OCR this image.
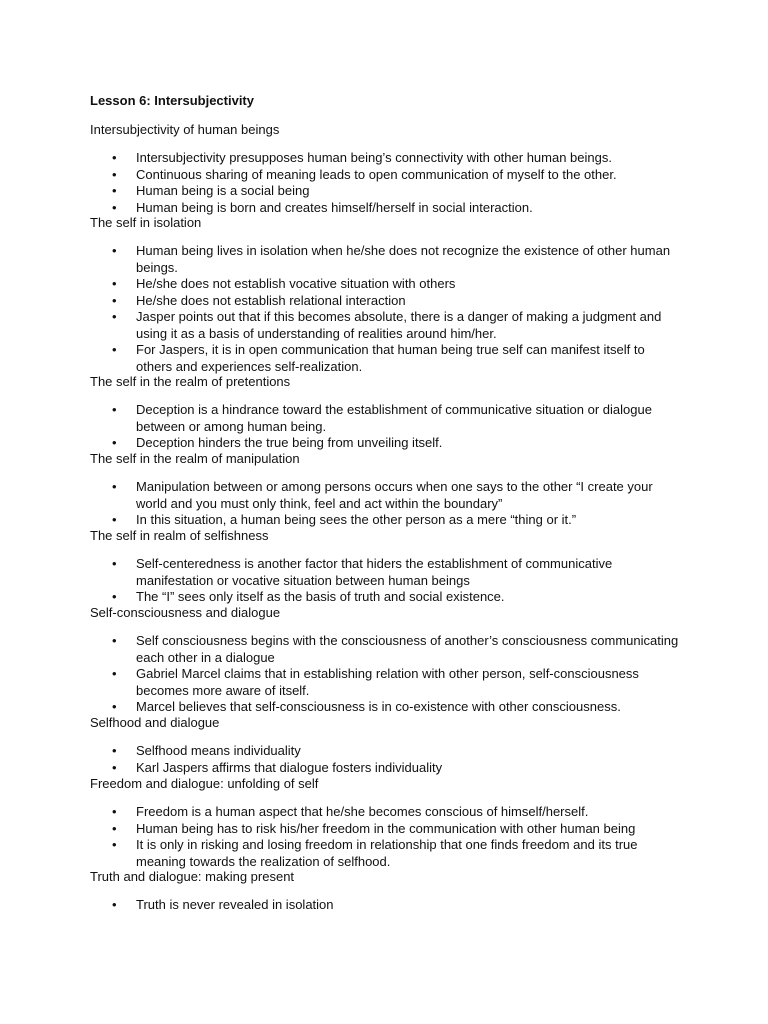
Lesson 6: Intersubjectivity

Intersubjectivity of human beings

• Intersubjectivity presupposes human being’s connectivity with other human beings.
• Continuous sharing of meaning leads to open communication of myself to the other.
• Human being is a social being
• Human being is born and creates himself/herself in social interaction.

The self in isolation

• Human being lives in isolation when he/she does not recognize the existence of other human beings.
• He/she does not establish vocative situation with others
• He/she does not establish relational interaction
• Jasper points out that if this becomes absolute, there is a danger of making a judgment and using it as a basis of understanding of realities around him/her.
• For Jaspers, it is in open communication that human being true self can manifest itself to others and experiences self-realization.

The self in the realm of pretentions

• Deception is a hindrance toward the establishment of communicative situation or dialogue between or among human being.
• Deception hinders the true being from unveiling itself.

The self in the realm of manipulation

• Manipulation between or among persons occurs when one says to the other “I create your world and you must only think, feel and act within the boundary”
• In this situation, a human being sees the other person as a mere “thing or it.”

The self in realm of selfishness

• Self-centeredness is another factor that hiders the establishment of communicative manifestation or vocative situation between human beings
• The “I” sees only itself as the basis of truth and social existence.

Self-consciousness and dialogue

• Self consciousness begins with the consciousness of another’s consciousness communicating each other in a dialogue
• Gabriel Marcel claims that in establishing relation with other person, self-consciousness becomes more aware of itself.
• Marcel believes that self-consciousness is in co-existence with other consciousness.

Selfhood and dialogue

• Selfhood means individuality
• Karl Jaspers affirms that dialogue fosters individuality

Freedom and dialogue: unfolding of self

• Freedom is a human aspect that he/she becomes conscious of himself/herself.
• Human being has to risk his/her freedom in the communication with other human being
• It is only in risking and losing freedom in relationship that one finds freedom and its true meaning towards the realization of selfhood.

Truth and dialogue: making present

• Truth is never revealed in isolation
